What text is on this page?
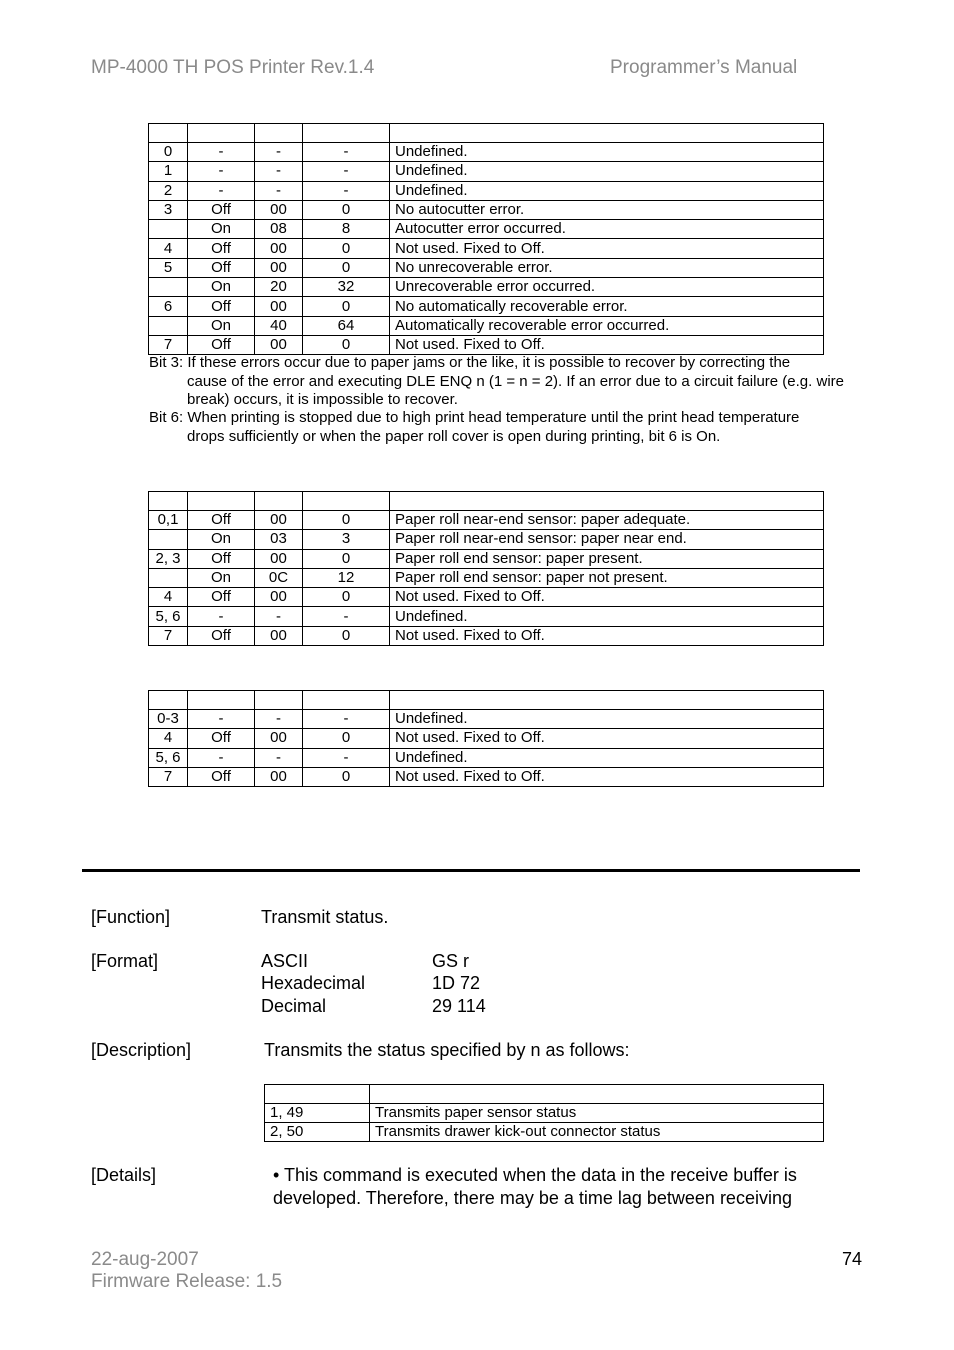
MP-4000 TH POS Printer Rev.1.4	Programmer’s Manual

0	-	-	-	Undefined.
1	-	-	-	Undefined.
2	-	-	-	Undefined.
3	Off	00	0	No autocutter error.
	On	08	8	Autocutter error occurred.
4	Off	00	0	Not used. Fixed to Off.
5	Off	00	0	No unrecoverable error.
	On	20	32	Unrecoverable error occurred.
6	Off	00	0	No automatically recoverable error.
	On	40	64	Automatically recoverable error occurred.
7	Off	00	0	Not used. Fixed to Off.
Bit 3: If these errors occur due to paper jams or the like, it is possible to recover by correcting the
cause of the error and executing DLE ENQ n (1 = n = 2). If an error due to a circuit failure (e.g. wire break) occurs, it is impossible to recover.
Bit 6: When printing is stopped due to high print head temperature until the print head temperature
drops sufficiently or when the paper roll cover is open during printing, bit 6 is On.

0,1	Off	00	0	Paper roll near-end sensor: paper adequate.
	On	03	3	Paper roll near-end sensor: paper near end.
2, 3	Off	00	0	Paper roll end sensor: paper present.
	On	0C	12	Paper roll end sensor: paper not present.
4	Off	00	0	Not used. Fixed to Off.
5, 6	-	-	-	Undefined.
7	Off	00	0	Not used. Fixed to Off.

0-3	-	-	-	Undefined.
4	Off	00	0	Not used. Fixed to Off.
5, 6	-	-	-	Undefined.
7	Off	00	0	Not used. Fixed to Off.
[Function]	Transmit status.
[Format]	ASCII	GS r
Hexadecimal	1D 72
Decimal	29 114
[Description]	Transmits the status specified by n as follows:

1, 49	Transmits paper sensor status
2, 50	Transmits drawer kick-out connector status
[Details]	• This command is executed when the data in the receive buffer is developed. Therefore, there may be a time lag between receiving
22-aug-2007
Firmware Release: 1.5
74
